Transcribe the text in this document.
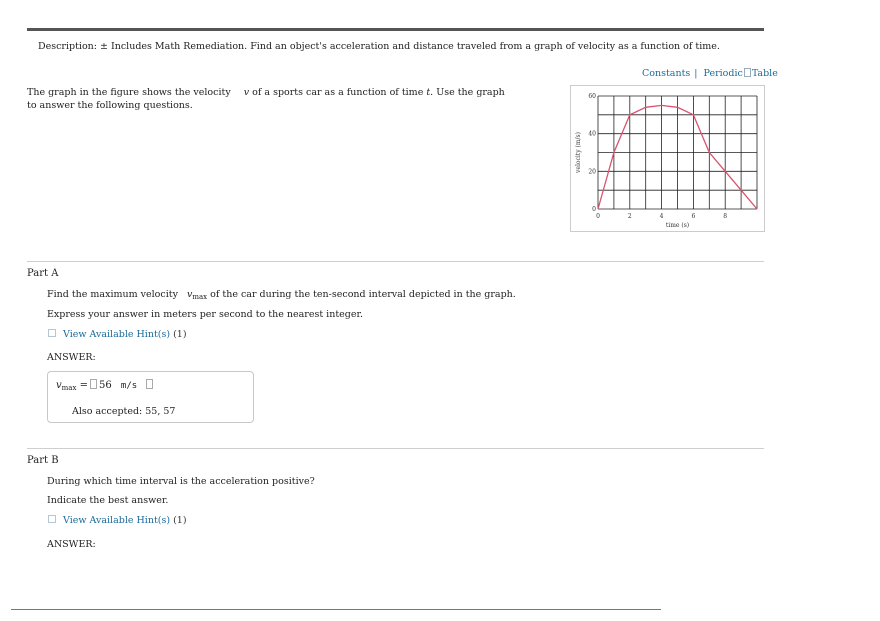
Description: ± Includes Math Remediation. Find an object's acceleration and distance traveled from a graph of velocity as a function of time.
Constants | Periodic Table
The graph in the figure shows the velocity v of a sports car as a function of time t. Use the graph to answer the following questions.
0	2	4	6	8
0
20
40
60
time (s)
velocity (m/s)
Part A
Find the maximum velocity $v_{max}$ of the car during the ten-second interval depicted in the graph.
Express your answer in meters per second to the nearest integer.
View Available Hint(s) (1)
ANSWER:
$v_{max} = 56$ m/s
Also accepted: 55, 57
Part B
During which time interval is the acceleration positive?
Indicate the best answer.
View Available Hint(s) (1)
ANSWER:
